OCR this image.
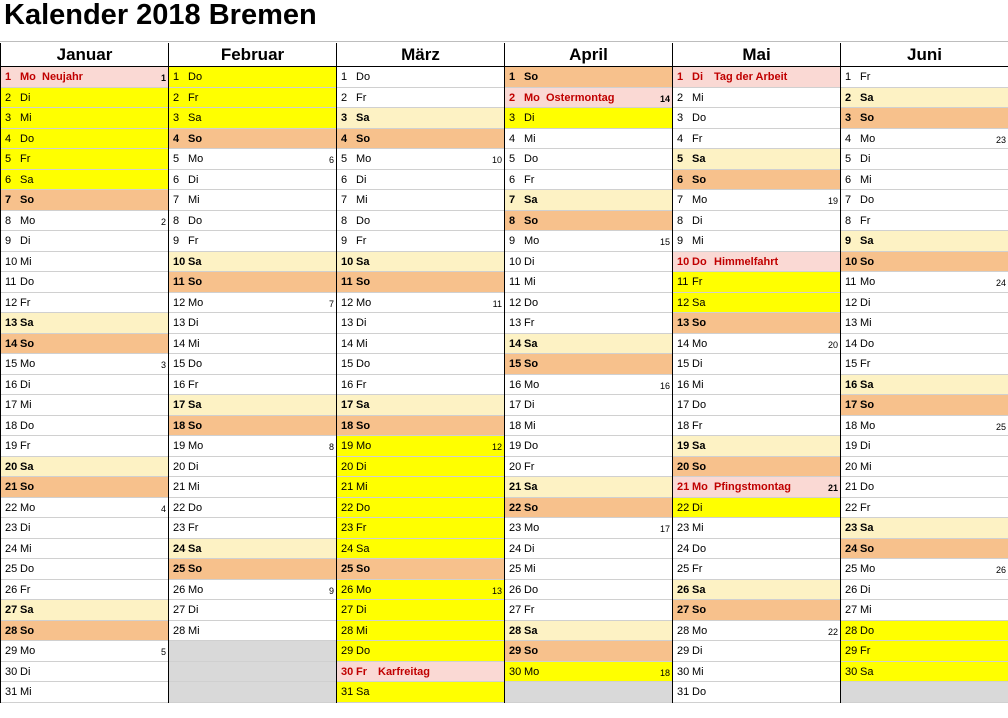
Kalender 2018 Bremen
Januar
1 Mo Neujahr	1
2 Di
3 Mi
4 Do
5 Fr
6 Sa
7 So
8 Mo	2
9 Di
10 Mi
11 Do
12 Fr
13 Sa
14 So
15 Mo	3
16 Di
17 Mi
18 Do
19 Fr
20 Sa
21 So
22 Mo	4
23 Di
24 Mi
25 Do
26 Fr
27 Sa
28 So
29 Mo	5
30 Di
31 Mi
Februar
1 Do
2 Fr
3 Sa
4 So
5 Mo	6
6 Di
7 Mi
8 Do
9 Fr
10 Sa
11 So
12 Mo	7
13 Di
14 Mi
15 Do
16 Fr
17 Sa
18 So
19 Mo	8
20 Di
21 Mi
22 Do
23 Fr
24 Sa
25 So
26 Mo	9
27 Di
28 Mi
März
1 Do
2 Fr
3 Sa
4 So
5 Mo	10
6 Di
7 Mi
8 Do
9 Fr
10 Sa
11 So
12 Mo	11
13 Di
14 Mi
15 Do
16 Fr
17 Sa
18 So
19 Mo	12
20 Di
21 Mi
22 Do
23 Fr
24 Sa
25 So
26 Mo	13
27 Di
28 Mi
29 Do
30 Fr Karfreitag
31 Sa
April
1 So
2 Mo Ostermontag	14
3 Di
4 Mi
5 Do
6 Fr
7 Sa
8 So
9 Mo	15
10 Di
11 Mi
12 Do
13 Fr
14 Sa
15 So
16 Mo	16
17 Di
18 Mi
19 Do
20 Fr
21 Sa
22 So
23 Mo	17
24 Di
25 Mi
26 Do
27 Fr
28 Sa
29 So
30 Mo	18
Mai
1 Di Tag der Arbeit
2 Mi
3 Do
4 Fr
5 Sa
6 So
7 Mo	19
8 Di
9 Mi
10 Do Himmelfahrt
11 Fr
12 Sa
13 So
14 Mo	20
15 Di
16 Mi
17 Do
18 Fr
19 Sa
20 So
21 Mo Pfingstmontag	21
22 Di
23 Mi
24 Do
25 Fr
26 Sa
27 So
28 Mo	22
29 Di
30 Mi
31 Do
Juni
1 Fr
2 Sa
3 So
4 Mo	23
5 Di
6 Mi
7 Do
8 Fr
9 Sa
10 So
11 Mo	24
12 Di
13 Mi
14 Do
15 Fr
16 Sa
17 So
18 Mo	25
19 Di
20 Mi
21 Do
22 Fr
23 Sa
24 So
25 Mo	26
26 Di
27 Mi
28 Do
29 Fr
30 Sa
